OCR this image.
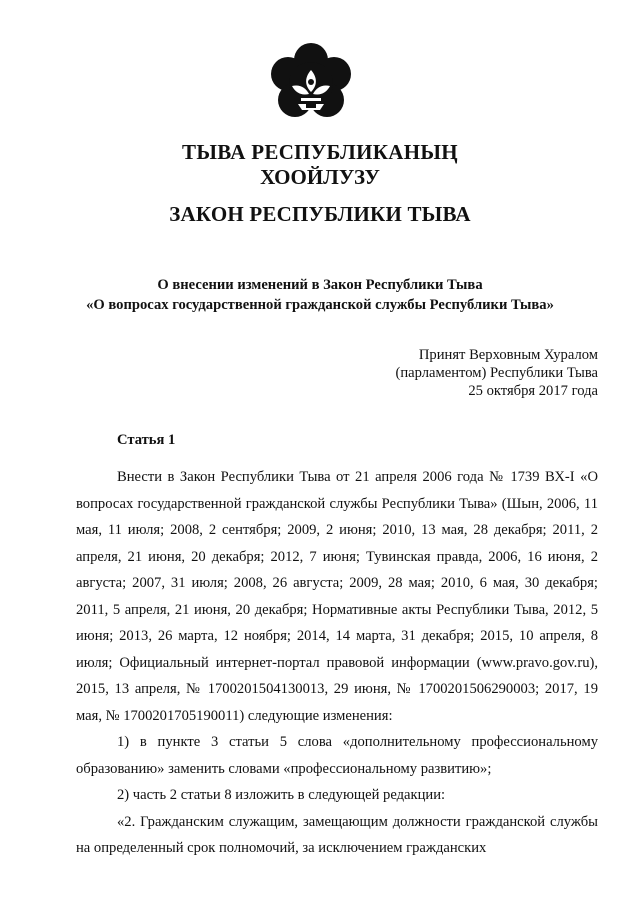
ТЫВА РЕСПУБЛИКАНЫҢ
ХООЙЛУЗУ
ЗАКОН РЕСПУБЛИКИ ТЫВА
О внесении изменений в Закон Республики Тыва
«О вопросах государственной гражданской службы Республики Тыва»
Принят Верховным Хуралом
(парламентом) Республики Тыва
25 октября 2017 года
Статья 1

Внести в Закон Республики Тыва от 21 апреля 2006 года № 1739 ВХ-I «О вопросах государственной гражданской службы Республики Тыва» (Шын, 2006, 11 мая, 11 июля; 2008, 2 сентября; 2009, 2 июня; 2010, 13 мая, 28 декабря; 2011, 2 апреля, 21 июня, 20 декабря; 2012, 7 июня; Тувинская правда, 2006, 16 июня, 2 августа; 2007, 31 июля; 2008, 26 августа; 2009, 28 мая; 2010, 6 мая, 30 декабря; 2011, 5 апреля, 21 июня, 20 декабря; Нормативные акты Республики Тыва, 2012, 5 июня; 2013, 26 марта, 12 ноября; 2014, 14 марта, 31 декабря; 2015, 10 апреля, 8 июля; Официальный интернет-портал правовой информации (www.pravo.gov.ru), 2015, 13 апреля, № 1700201504130013, 29 июня, № 1700201506290003; 2017, 19 мая, № 1700201705190011) следующие изменения:

1) в пункте 3 статьи 5 слова «дополнительному профессиональному образованию» заменить словами «профессиональному развитию»;

2) часть 2 статьи 8 изложить в следующей редакции:

«2. Гражданским служащим, замещающим должности гражданской службы на определенный срок полномочий, за исключением гражданских
